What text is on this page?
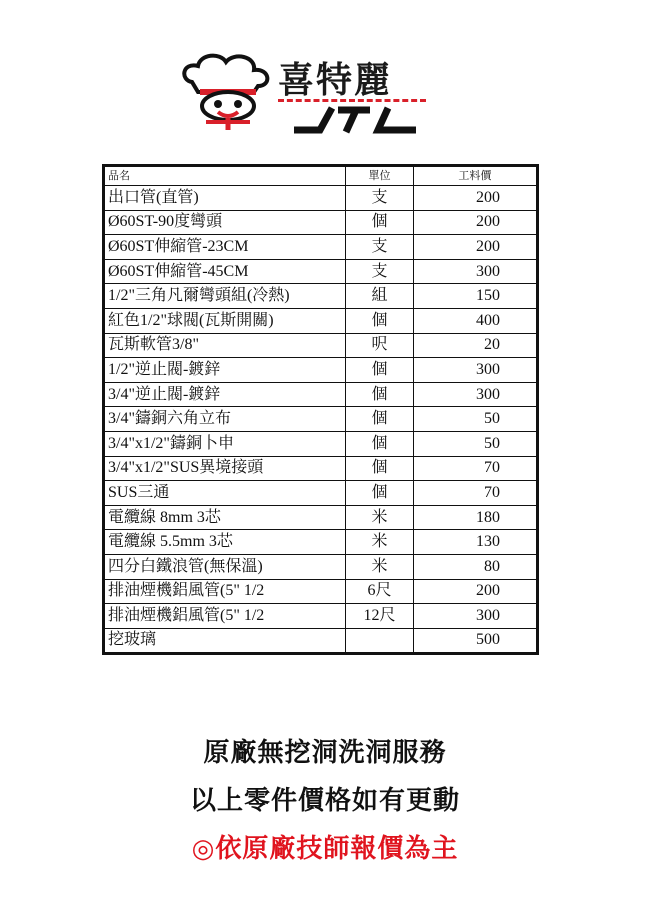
喜特麗
品名	單位	工料價
出口管(直管)	支	200
Ø60ST-90度彎頭	個	200
Ø60ST伸縮管-23CM	支	200
Ø60ST伸縮管-45CM	支	300
1/2"三角凡爾彎頭組(冷熱)	組	150
紅色1/2"球閥(瓦斯開關)	個	400
瓦斯軟管3/8"	呎	20
1/2"逆止閥-鍍鋅	個	300
3/4"逆止閥-鍍鋅	個	300
3/4"鑄銅六角立布	個	50
3/4"x1/2"鑄銅卜申	個	50
3/4"x1/2"SUS異境接頭	個	70
SUS三通	個	70
電纜線 8mm 3芯	米	180
電纜線 5.5mm 3芯	米	130
四分白鐵浪管(無保溫)	米	80
排油煙機鋁風管(5" 1/2	6尺	200
排油煙機鋁風管(5" 1/2	12尺	300
挖玻璃		500
原廠無挖洞洗洞服務
以上零件價格如有更動
◎依原廠技師報價為主
